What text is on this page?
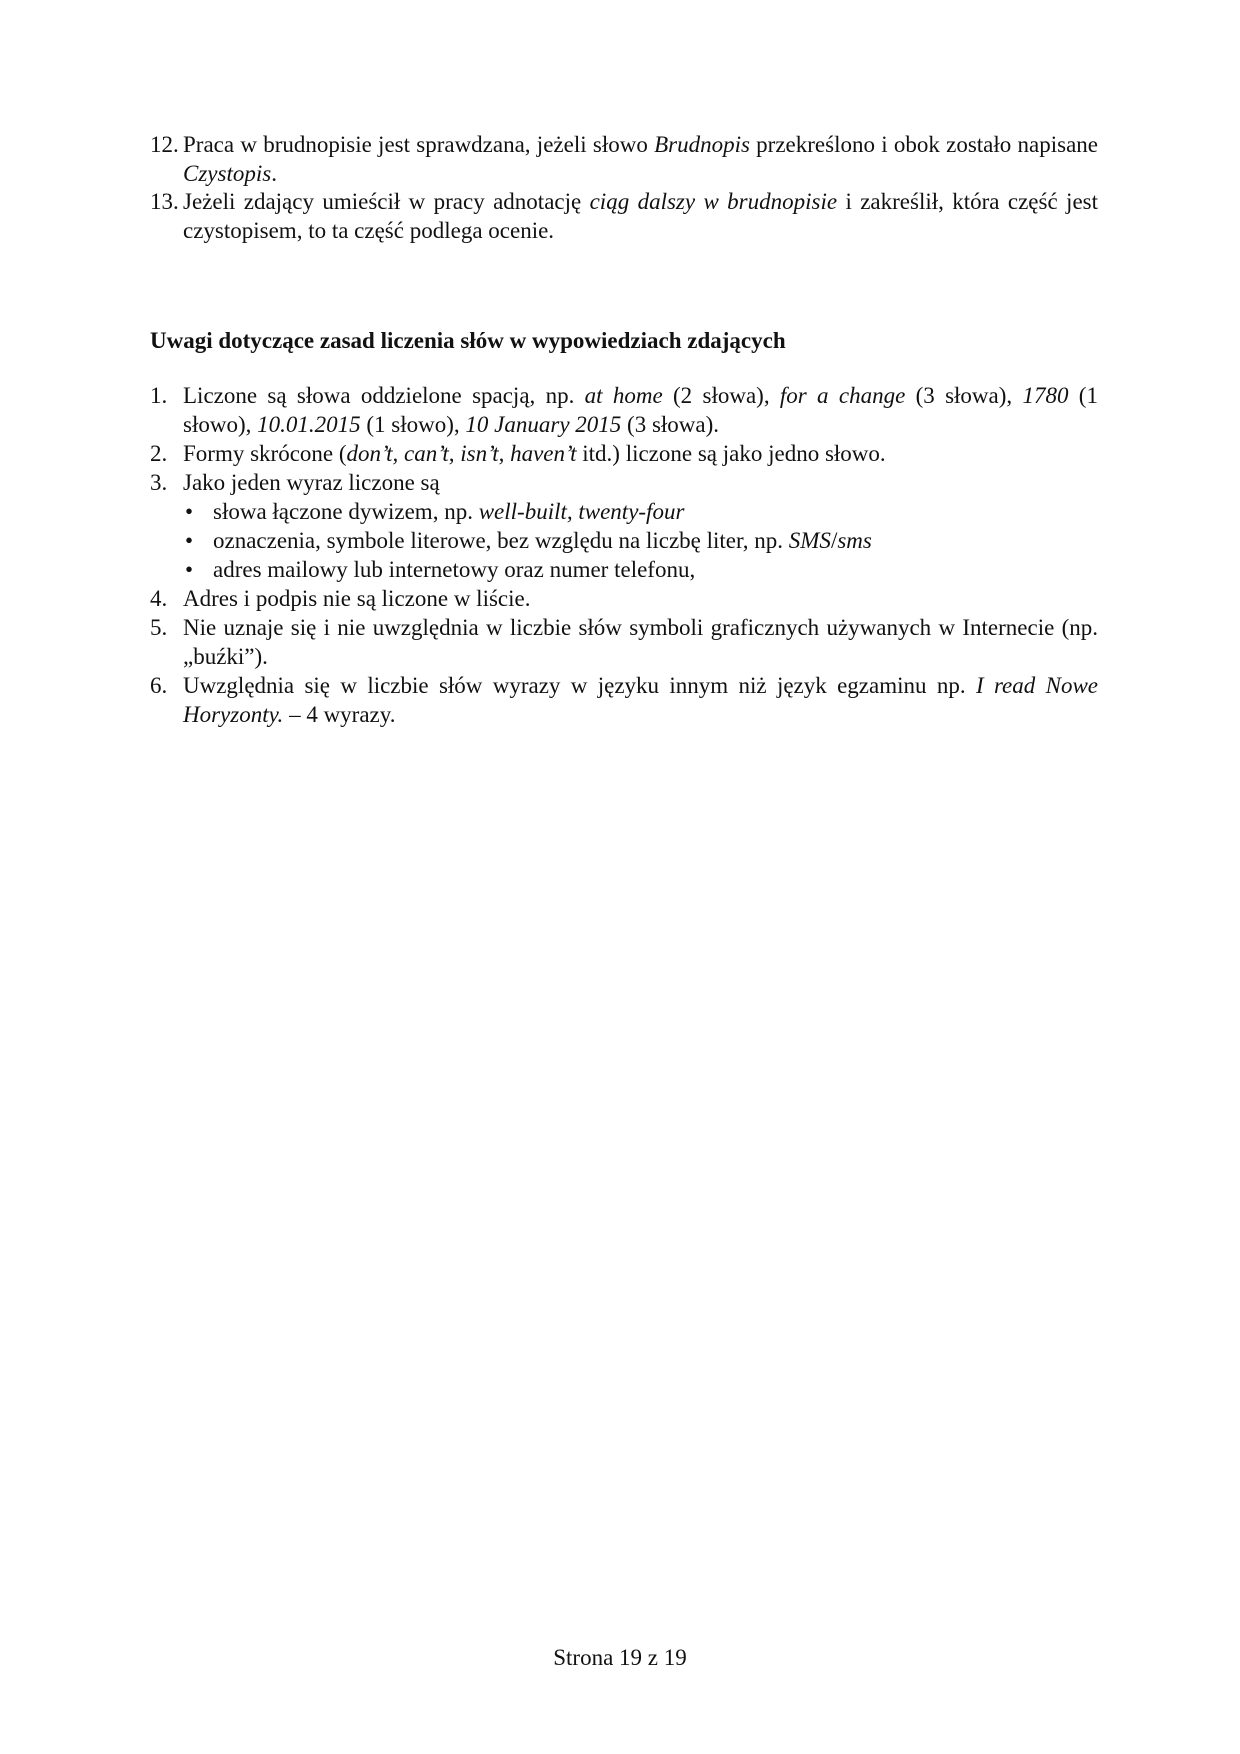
12. Praca w brudnopisie jest sprawdzana, jeżeli słowo Brudnopis przekreślono i obok zostało napisane Czystopis.
13. Jeżeli zdający umieścił w pracy adnotację ciąg dalszy w brudnopisie i zakreślił, która część jest czystopisem, to ta część podlega ocenie.
Uwagi dotyczące zasad liczenia słów w wypowiedziach zdających
1. Liczone są słowa oddzielone spacją, np. at home (2 słowa), for a change (3 słowa), 1780 (1 słowo), 10.01.2015 (1 słowo), 10 January 2015 (3 słowa).
2. Formy skrócone (don’t, can’t, isn’t, haven’t itd.) liczone są jako jedno słowo.
3. Jako jeden wyraz liczone są
• słowa łączone dywizem, np. well-built, twenty-four
• oznaczenia, symbole literowe, bez względu na liczbę liter, np. SMS/sms
• adres mailowy lub internetowy oraz numer telefonu,
4. Adres i podpis nie są liczone w liście.
5. Nie uznaje się i nie uwzględnia w liczbie słów symboli graficznych używanych w Internecie (np. „buźki”).
6. Uwzględnia się w liczbie słów wyrazy w języku innym niż język egzaminu np. I read Nowe Horyzonty. – 4 wyrazy.
Strona 19 z 19
